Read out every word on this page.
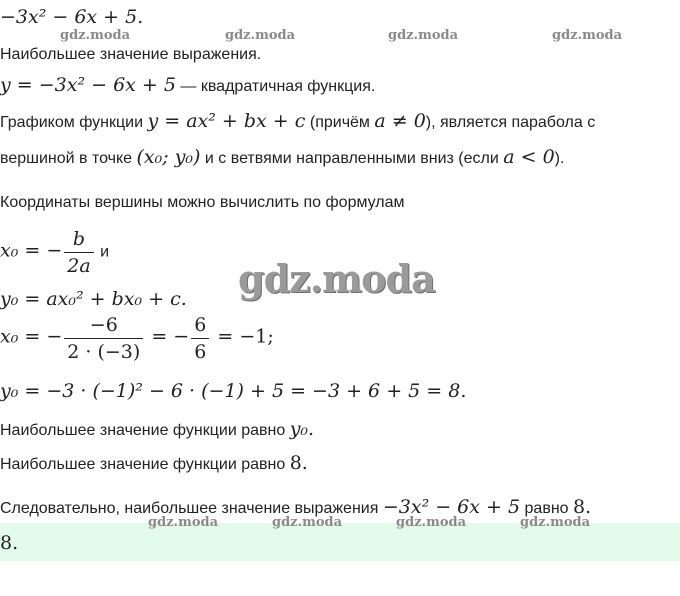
gdz.moda	gdz.moda	gdz.moda	gdz.moda
gdz.moda
−3x² − 6x + 5.
Наибольшее значение выражения.
y = −3x² − 6x + 5 — квадратичная функция.
Графиком функции y = ax² + bx + c (причём a ≠ 0), является парабола с
вершиной в точке (x₀; y₀) и с ветвями направленными вниз (если a < 0).
Координаты вершины можно вычислить по формулам
x₀ = − $\frac{b}{2a}$ и
y₀ = ax₀² + bx₀ + c.
x₀ = − $\frac{-6}{2 \cdot (-3)}$ = − $\frac{6}{6} = -1$;
y₀ = −3 · (−1)² − 6 · (−1) + 5 = −3 + 6 + 5 = 8.
Наибольшее значение функции равно y₀.
Наибольшее значение функции равно 8.
Следовательно, наибольшее значение выражения −3x² − 6x + 5 равно 8.
8.
gdz.moda	gdz.moda	gdz.moda	gdz.moda
